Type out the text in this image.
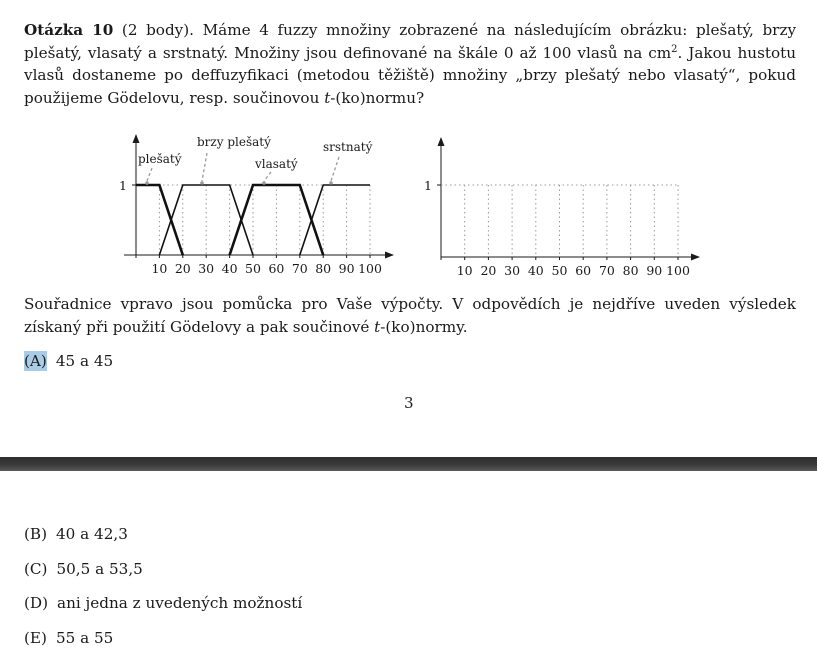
Otázka 10 (2 body). Máme 4 fuzzy množiny zobrazené na následujícím obrázku: plešatý, brzy plešatý, vlasatý a srstnatý. Množiny jsou definované na škále 0 až 100 vlasů na $cm^2$. Jakou hustotu vlasů dostaneme po deffuzyfikaci (metodou těžiště) množiny „brzy plešatý nebo vlasatý“, pokud použijeme Gödelovu, resp. součinovou t-(ko)normu?
10 20 30 40 50 60 70 80 90 100
1
plešatý
brzy plešatý
vlasatý
srstnatý
10 20 30 40 50 60 70 80 90 100
1
Souřadnice vpravo jsou pomůcka pro Vaše výpočty. V odpovědích je nejdříve uveden výsledek získaný při použití Gödelovy a pak součinové t-(ko)normy.
(A) 45 a 45
3
(B) 40 a 42,3
(C) 50,5 a 53,5
(D) ani jedna z uvedených možností
(E) 55 a 55
